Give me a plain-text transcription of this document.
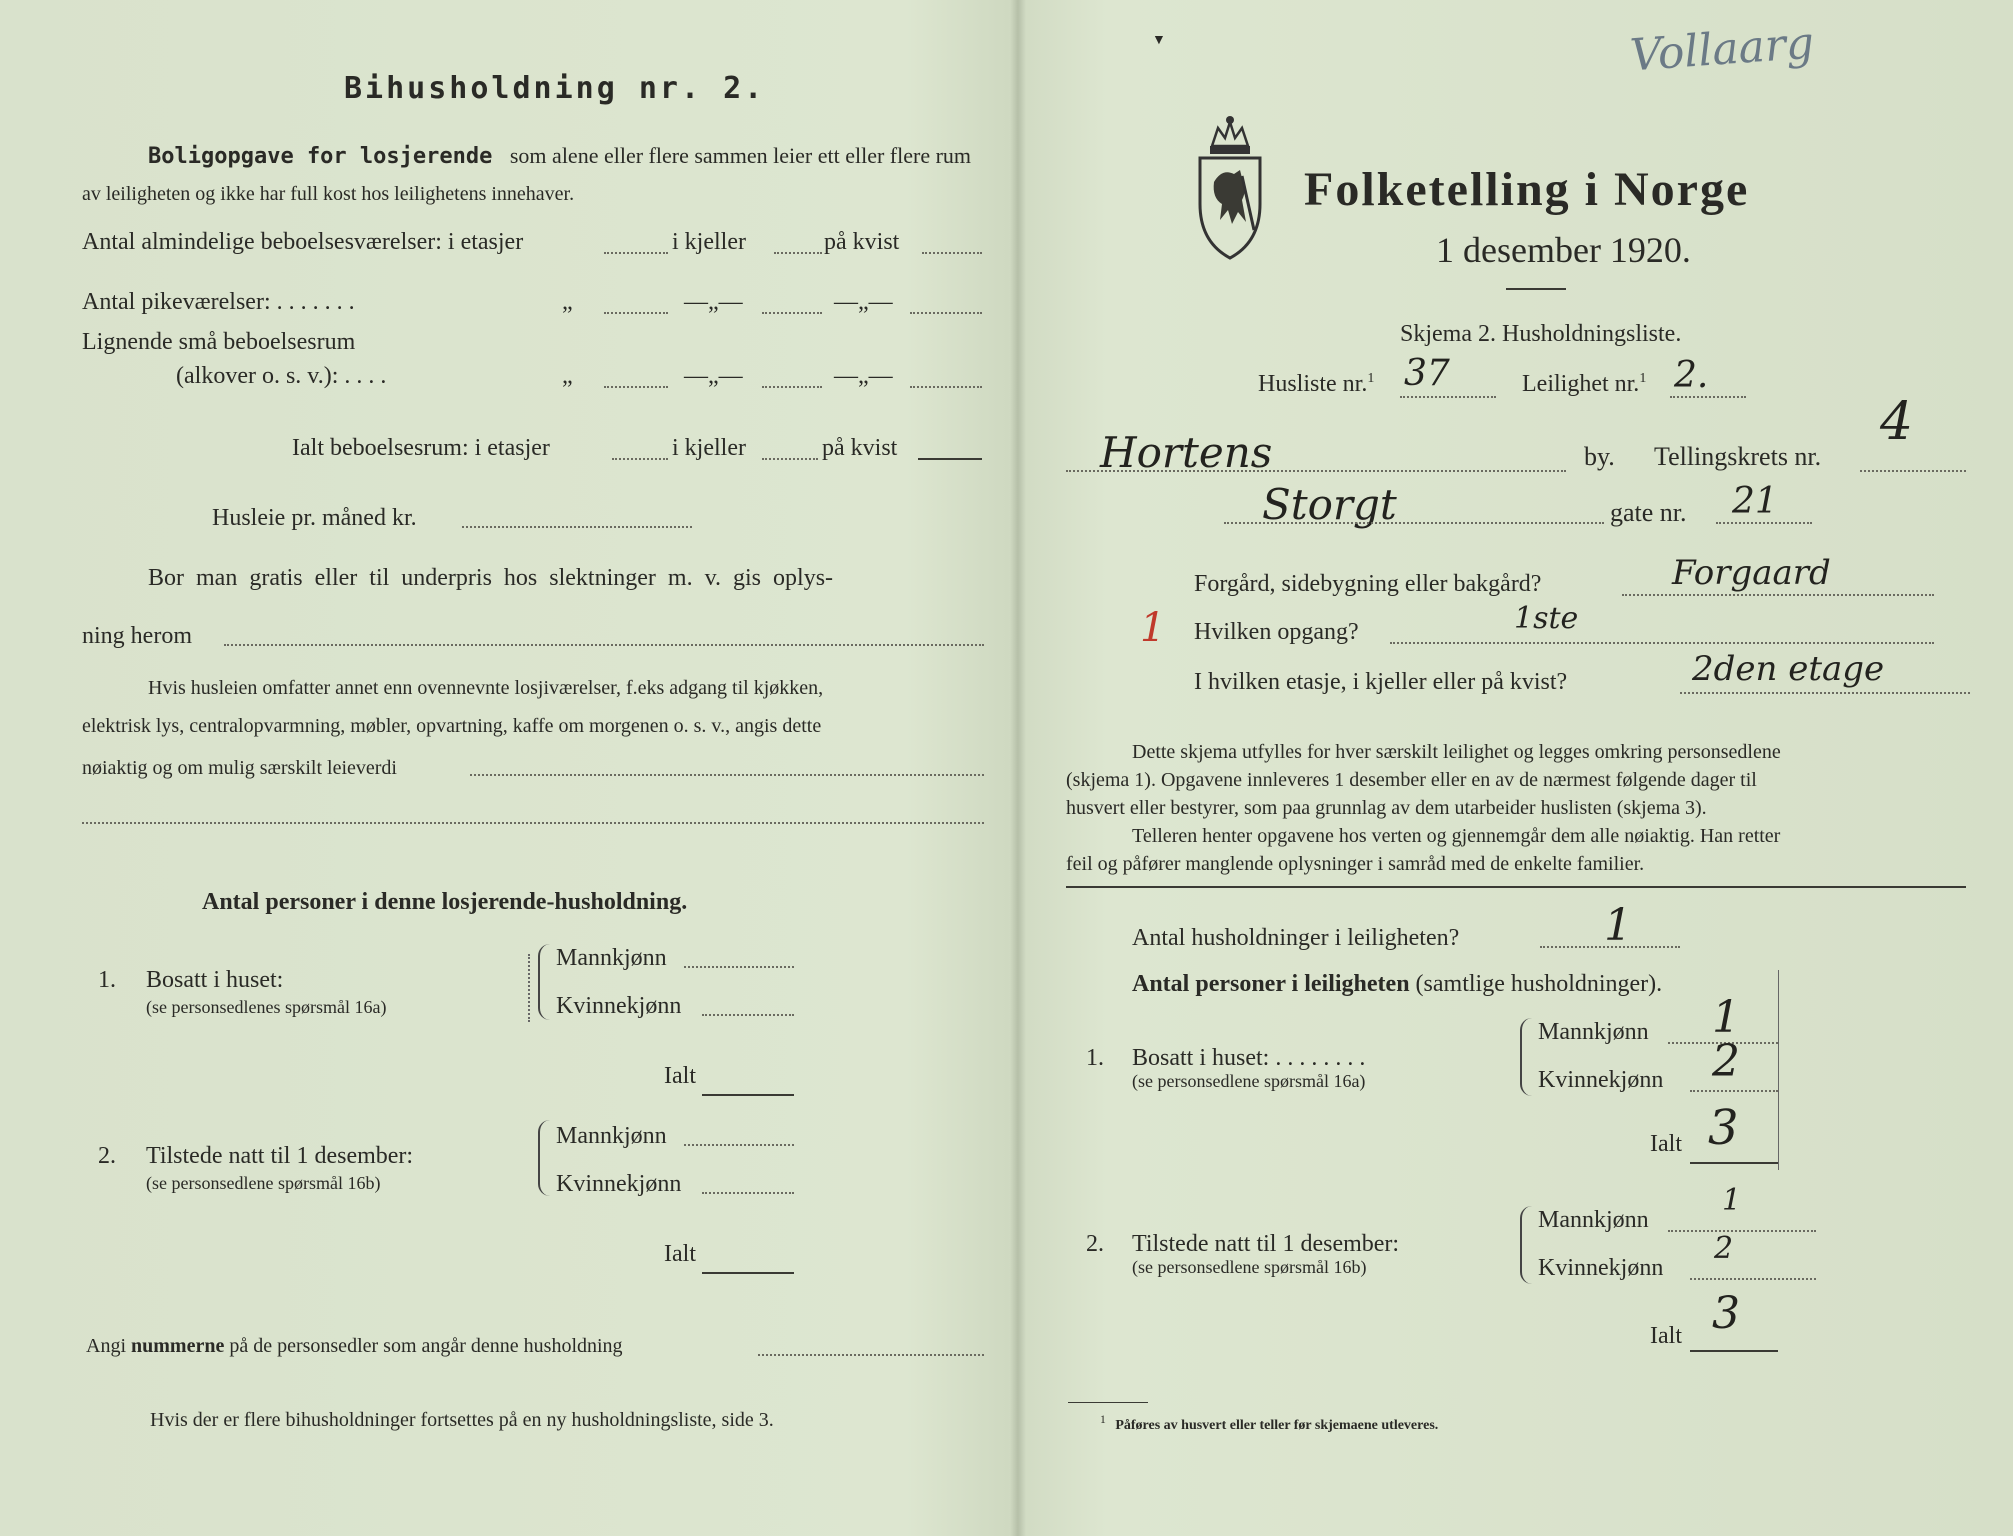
Bihusholdning nr. 2.
Boligopgave for losjerende som alene eller flere sammen leier ett eller flere rum
av leiligheten og ikke har full kost hos leilighetens innehaver.
Antal almindelige beboelsesværelser: i etasjer	i kjeller	på kvist
Antal pikeværelser: . . . . . . .	„	—„—	—„—
Lignende små beboelsesrum
(alkover o. s. v.): . . . .	„	—„—	—„—
Ialt beboelsesrum: i etasjer	i kjeller	på kvist
Husleie pr. måned kr.
Bor man gratis eller til underpris hos slektninger m. v. gis oplys-
ning herom
Hvis husleien omfatter annet enn ovennevnte losjiværelser, f.eks adgang til kjøkken,
elektrisk lys, centralopvarmning, møbler, opvartning, kaffe om morgenen o. s. v., angis dette
nøiaktig og om mulig særskilt leieverdi
Antal personer i denne losjerende-husholdning.
1. Bosatt i huset:
(se personsedlenes spørsmål 16a)
Mannkjønn
Kvinnekjønn
Ialt
2. Tilstede natt til 1 desember:
(se personsedlene spørsmål 16b)
Mannkjønn
Kvinnekjønn
Ialt
Angi nummerne på de personsedler som angår denne husholdning
Hvis der er flere bihusholdninger fortsettes på en ny husholdningsliste, side 3.
▼
Folketelling i Norge
1 desember 1920.
Skjema 2. Husholdningsliste.
Husliste nr.$^1$ 37	Leilighet nr.$^1$ 2.
Hortens	by. Tellingskrets nr.
4
Storgt	gate nr. 21
Forgård, sidebygning eller bakgård?	Forgaard
1 Hvilken opgang?	1ste
I hvilken etasje, i kjeller eller på kvist?	2den etage
Dette skjema utfylles for hver særskilt leilighet og legges omkring personsedlene
(skjema 1). Opgavene innleveres 1 desember eller en av de nærmest følgende dager til
husvert eller bestyrer, som paa grunnlag av dem utarbeider huslisten (skjema 3).
Telleren henter opgavene hos verten og gjennemgår dem alle nøiaktig. Han retter
feil og påfører manglende oplysninger i samråd med de enkelte familier.
Antal husholdninger i leiligheten?	1
Antal personer i leiligheten (samtlige husholdninger).
1. Bosatt i huset: . . . . . . . .
(se personsedlene spørsmål 16a)
Mannkjønn 1
Kvinnekjønn 2
Ialt 3
2. Tilstede natt til 1 desember:
(se personsedlene spørsmål 16b)
Mannkjønn
1
Kvinnekjønn
2
Ialt 3
$^1$ Påføres av husvert eller teller før skjemaene utleveres.
Vollaarg
